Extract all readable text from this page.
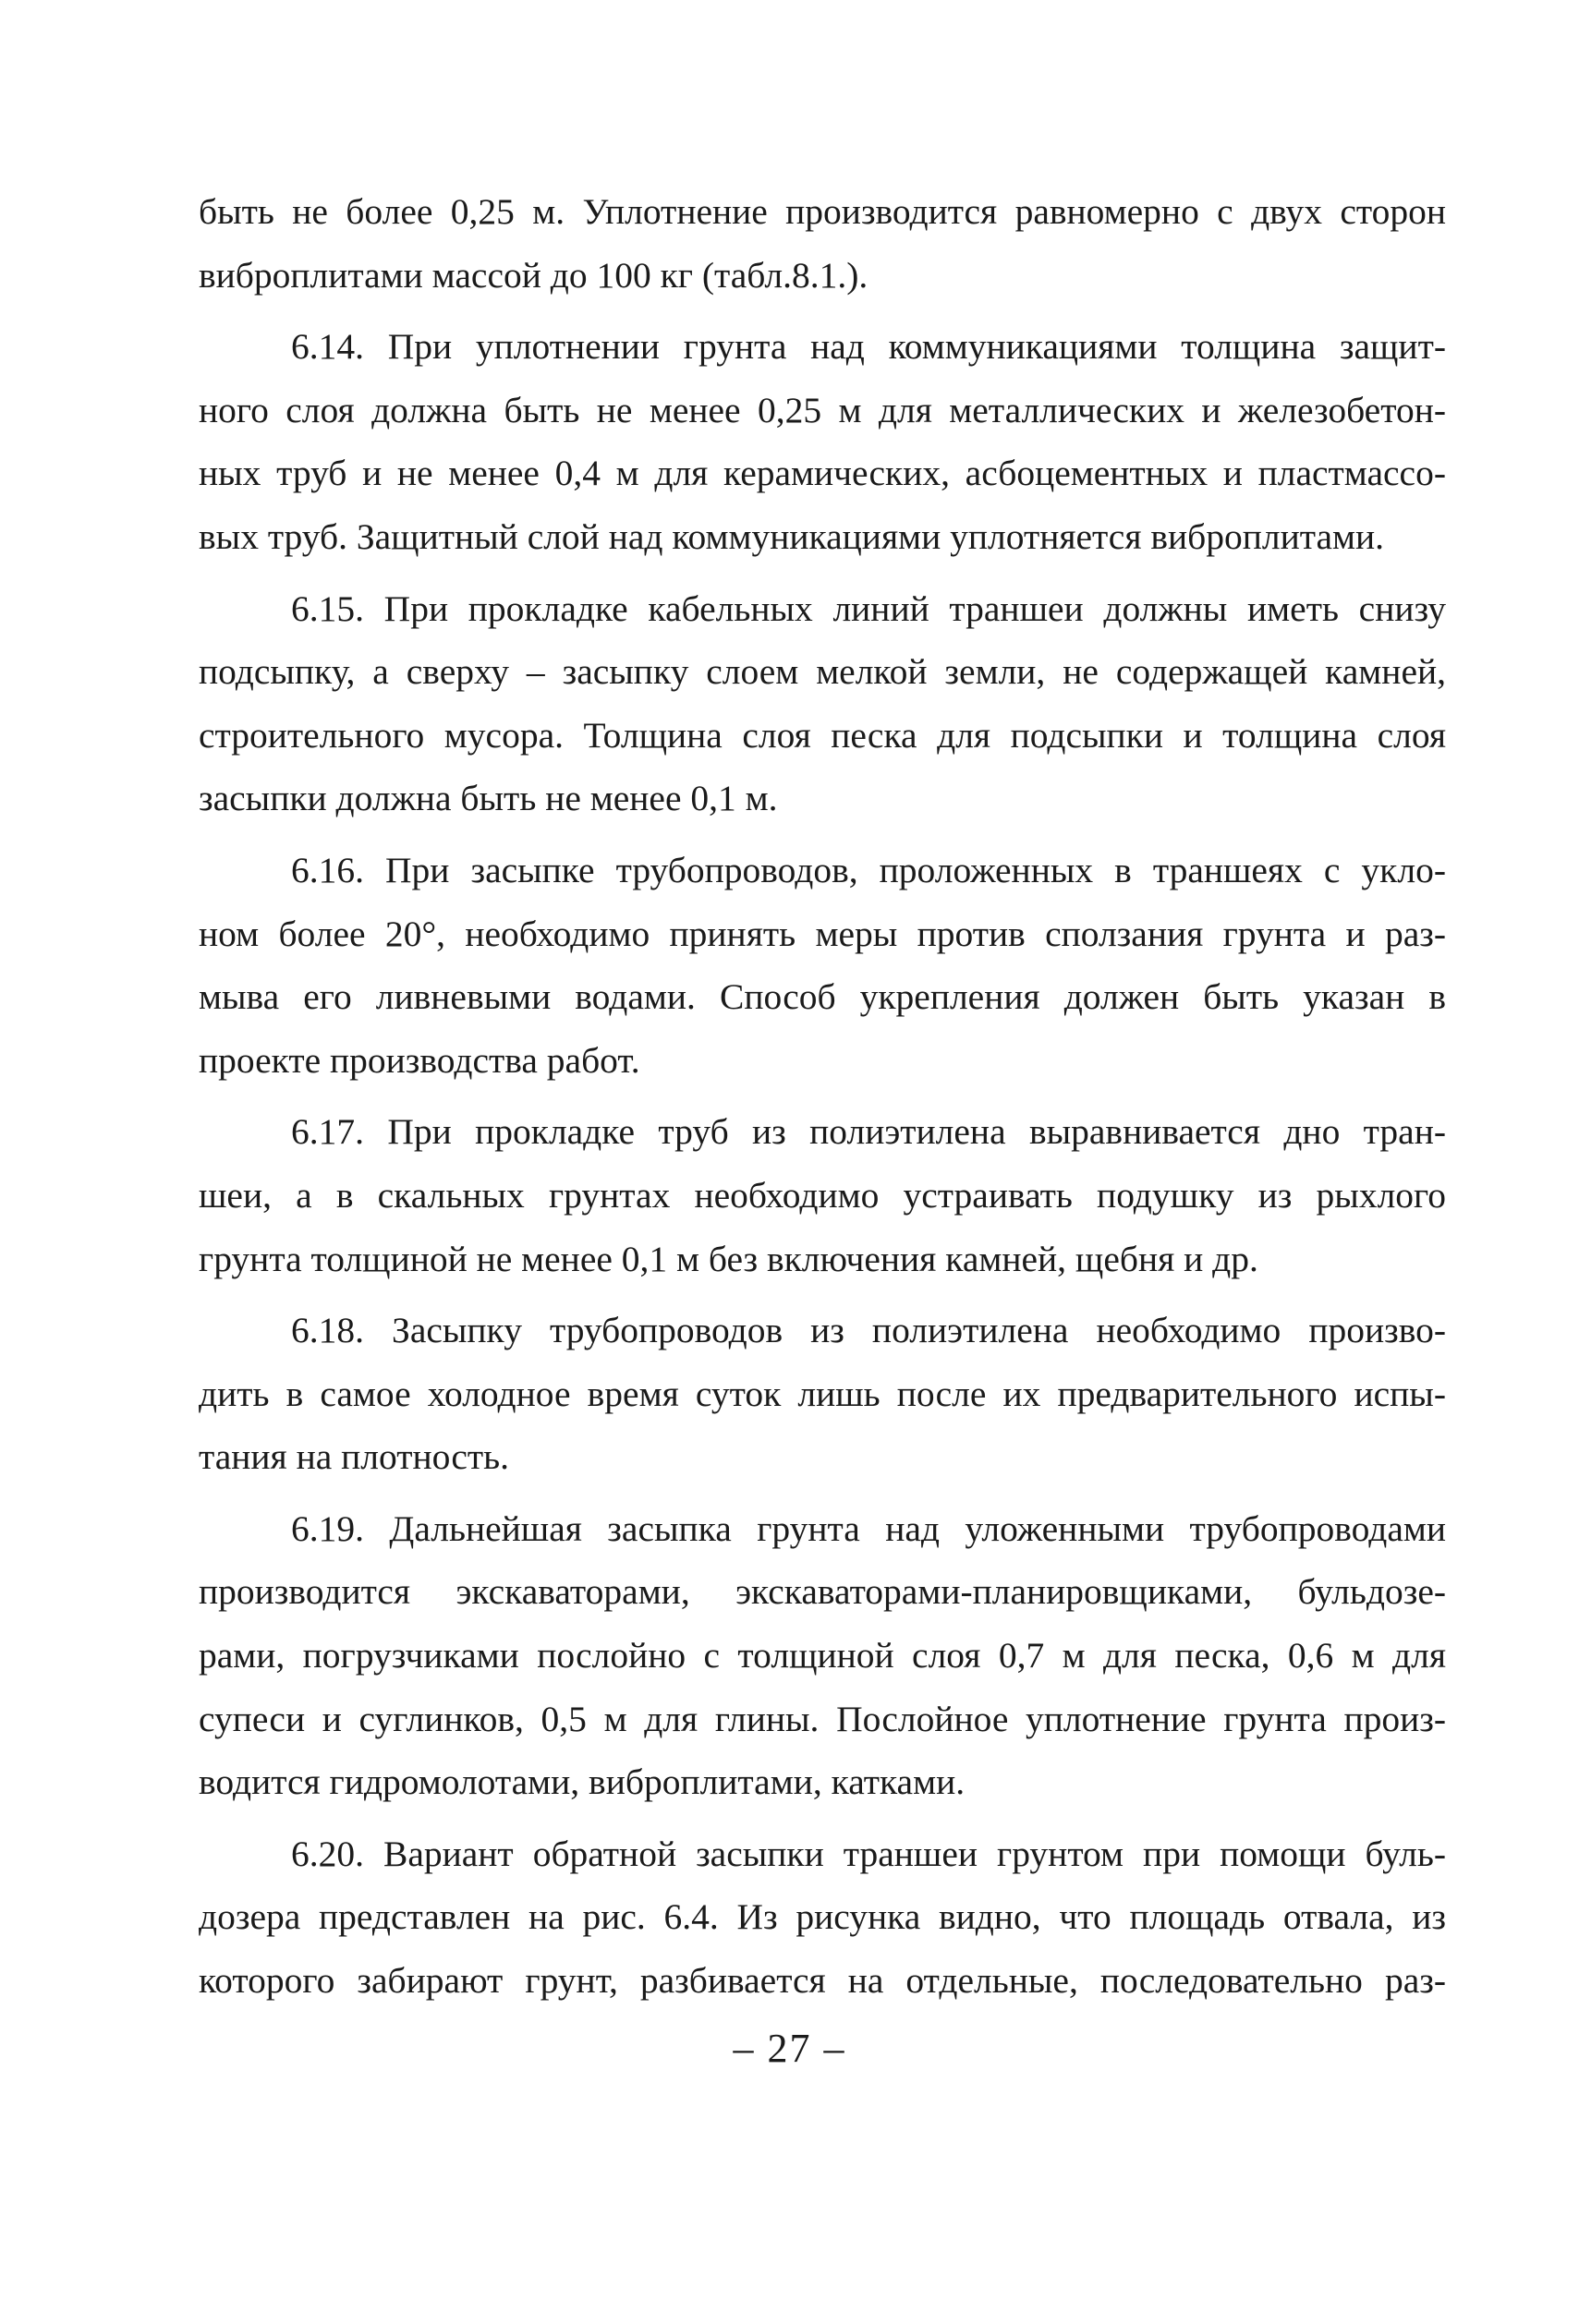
быть не более 0,25 м. Уплотнение производится равномерно с двух сторон
виброплитами массой до 100 кг (табл.8.1.).
6.14. При уплотнении грунта над коммуникациями толщина защит-
ного слоя должна быть не менее 0,25 м для металлических и железобетон-
ных труб и не менее 0,4 м для керамических, асбоцементных и пластмассо-
вых труб. Защитный слой над коммуникациями уплотняется виброплитами.
6.15. При прокладке кабельных линий траншеи должны иметь снизу
подсыпку, а сверху – засыпку слоем мелкой земли, не содержащей камней,
строительного мусора. Толщина слоя песка для подсыпки и толщина слоя
засыпки должна быть не менее 0,1 м.
6.16. При засыпке трубопроводов, проложенных в траншеях с укло-
ном более 20°, необходимо принять меры против сползания грунта и раз-
мыва его ливневыми водами. Способ укрепления должен быть указан в
проекте производства работ.
6.17. При прокладке труб из полиэтилена выравнивается дно тран-
шеи, а в скальных грунтах необходимо устраивать подушку из рыхлого
грунта толщиной не менее 0,1 м без включения камней, щебня и др.
6.18. Засыпку трубопроводов из полиэтилена необходимо произво-
дить в самое холодное время суток лишь после их предварительного испы-
тания на плотность.
6.19. Дальнейшая засыпка грунта над уложенными трубопроводами
производится экскаваторами, экскаваторами-планировщиками, бульдозе-
рами, погрузчиками послойно с толщиной слоя 0,7 м для песка, 0,6 м для
супеси и суглинков, 0,5 м для глины. Послойное уплотнение грунта произ-
водится гидромолотами, виброплитами, катками.
6.20. Вариант обратной засыпки траншеи грунтом при помощи буль-
дозера представлен на рис. 6.4. Из рисунка видно, что площадь отвала, из
которого забирают грунт, разбивается на отдельные, последовательно раз-
– 27 –
